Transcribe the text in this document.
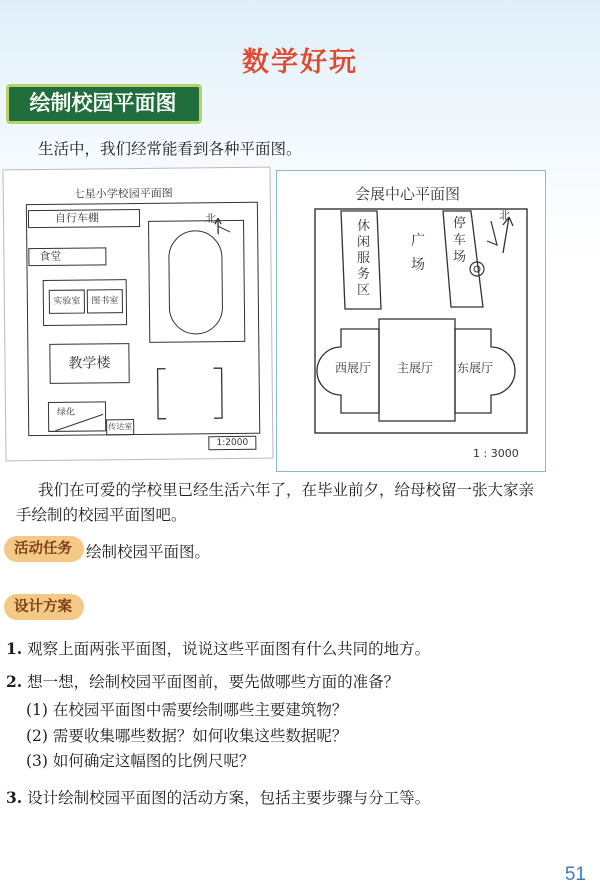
数学好玩
绘制校园平面图
生活中，我们经常能看到各种平面图。
北
七星小学校园平面图
自行车棚
食堂
实验室	图书室
教学楼
绿化
传达室
1:2000
会展中心平面图
休闲服务区
广场
停车场
北
西展厅 主展厅 东展厅
1 : 3000
我们在可爱的学校里已经生活六年了，在毕业前夕，给母校留一张大家亲
手绘制的校园平面图吧。
活动任务 绘制校园平面图。
设计方案
1. 观察上面两张平面图，说说这些平面图有什么共同的地方。
2. 想一想，绘制校园平面图前，要先做哪些方面的准备？
(1) 在校园平面图中需要绘制哪些主要建筑物？
(2) 需要收集哪些数据？如何收集这些数据呢？
(3) 如何确定这幅图的比例尺呢？
3. 设计绘制校园平面图的活动方案，包括主要步骤与分工等。
51
